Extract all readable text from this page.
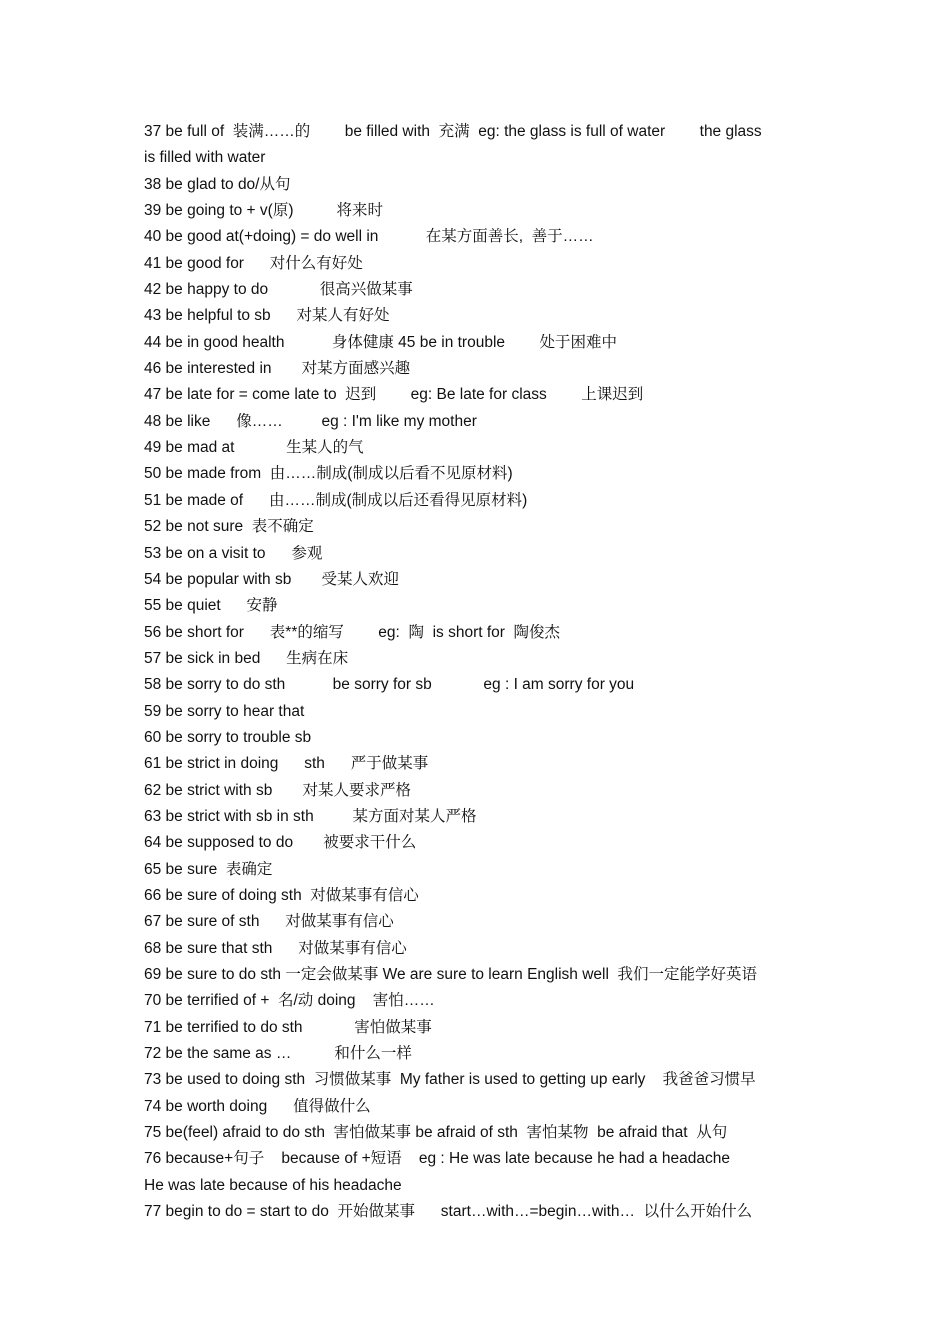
37 be full of  装满……的        be filled with  充满  eg: the glass is full of water        the glass
is filled with water
38 be glad to do/从句
39 be going to + v(原)          将来时
40 be good at(+doing) = do well in           在某方面善长,  善于……
41 be good for      对什么有好处
42 be happy to do            很高兴做某事
43 be helpful to sb      对某人有好处
44 be in good health           身体健康 45 be in trouble        处于困难中
46 be interested in       对某方面感兴趣
47 be late for = come late to  迟到        eg: Be late for class        上课迟到
48 be like      像……         eg : I'm like my mother
49 be mad at            生某人的气
50 be made from  由……制成(制成以后看不见原材料)
51 be made of      由……制成(制成以后还看得见原材料)
52 be not sure  表不确定
53 be on a visit to      参观
54 be popular with sb       受某人欢迎
55 be quiet      安静
56 be short for      表**的缩写        eg:  陶  is short for  陶俊杰
57 be sick in bed      生病在床
58 be sorry to do sth           be sorry for sb            eg : I am sorry for you
59 be sorry to hear that
60 be sorry to trouble sb
61 be strict in doing      sth      严于做某事
62 be strict with sb       对某人要求严格
63 be strict with sb in sth         某方面对某人严格
64 be supposed to do       被要求干什么
65 be sure  表确定
66 be sure of doing sth  对做某事有信心
67 be sure of sth      对做某事有信心
68 be sure that sth      对做某事有信心
69 be sure to do sth 一定会做某事 We are sure to learn English well  我们一定能学好英语
70 be terrified of +  名/动 doing    害怕……
71 be terrified to do sth            害怕做某事
72 be the same as …          和什么一样
73 be used to doing sth  习惯做某事  My father is used to getting up early    我爸爸习惯早
74 be worth doing      值得做什么
75 be(feel) afraid to do sth  害怕做某事 be afraid of sth  害怕某物  be afraid that  从句
76 because+句子    because of +短语    eg : He was late because he had a headache
He was late because of his headache
77 begin to do = start to do  开始做某事      start…with…=begin…with…  以什么开始什么
